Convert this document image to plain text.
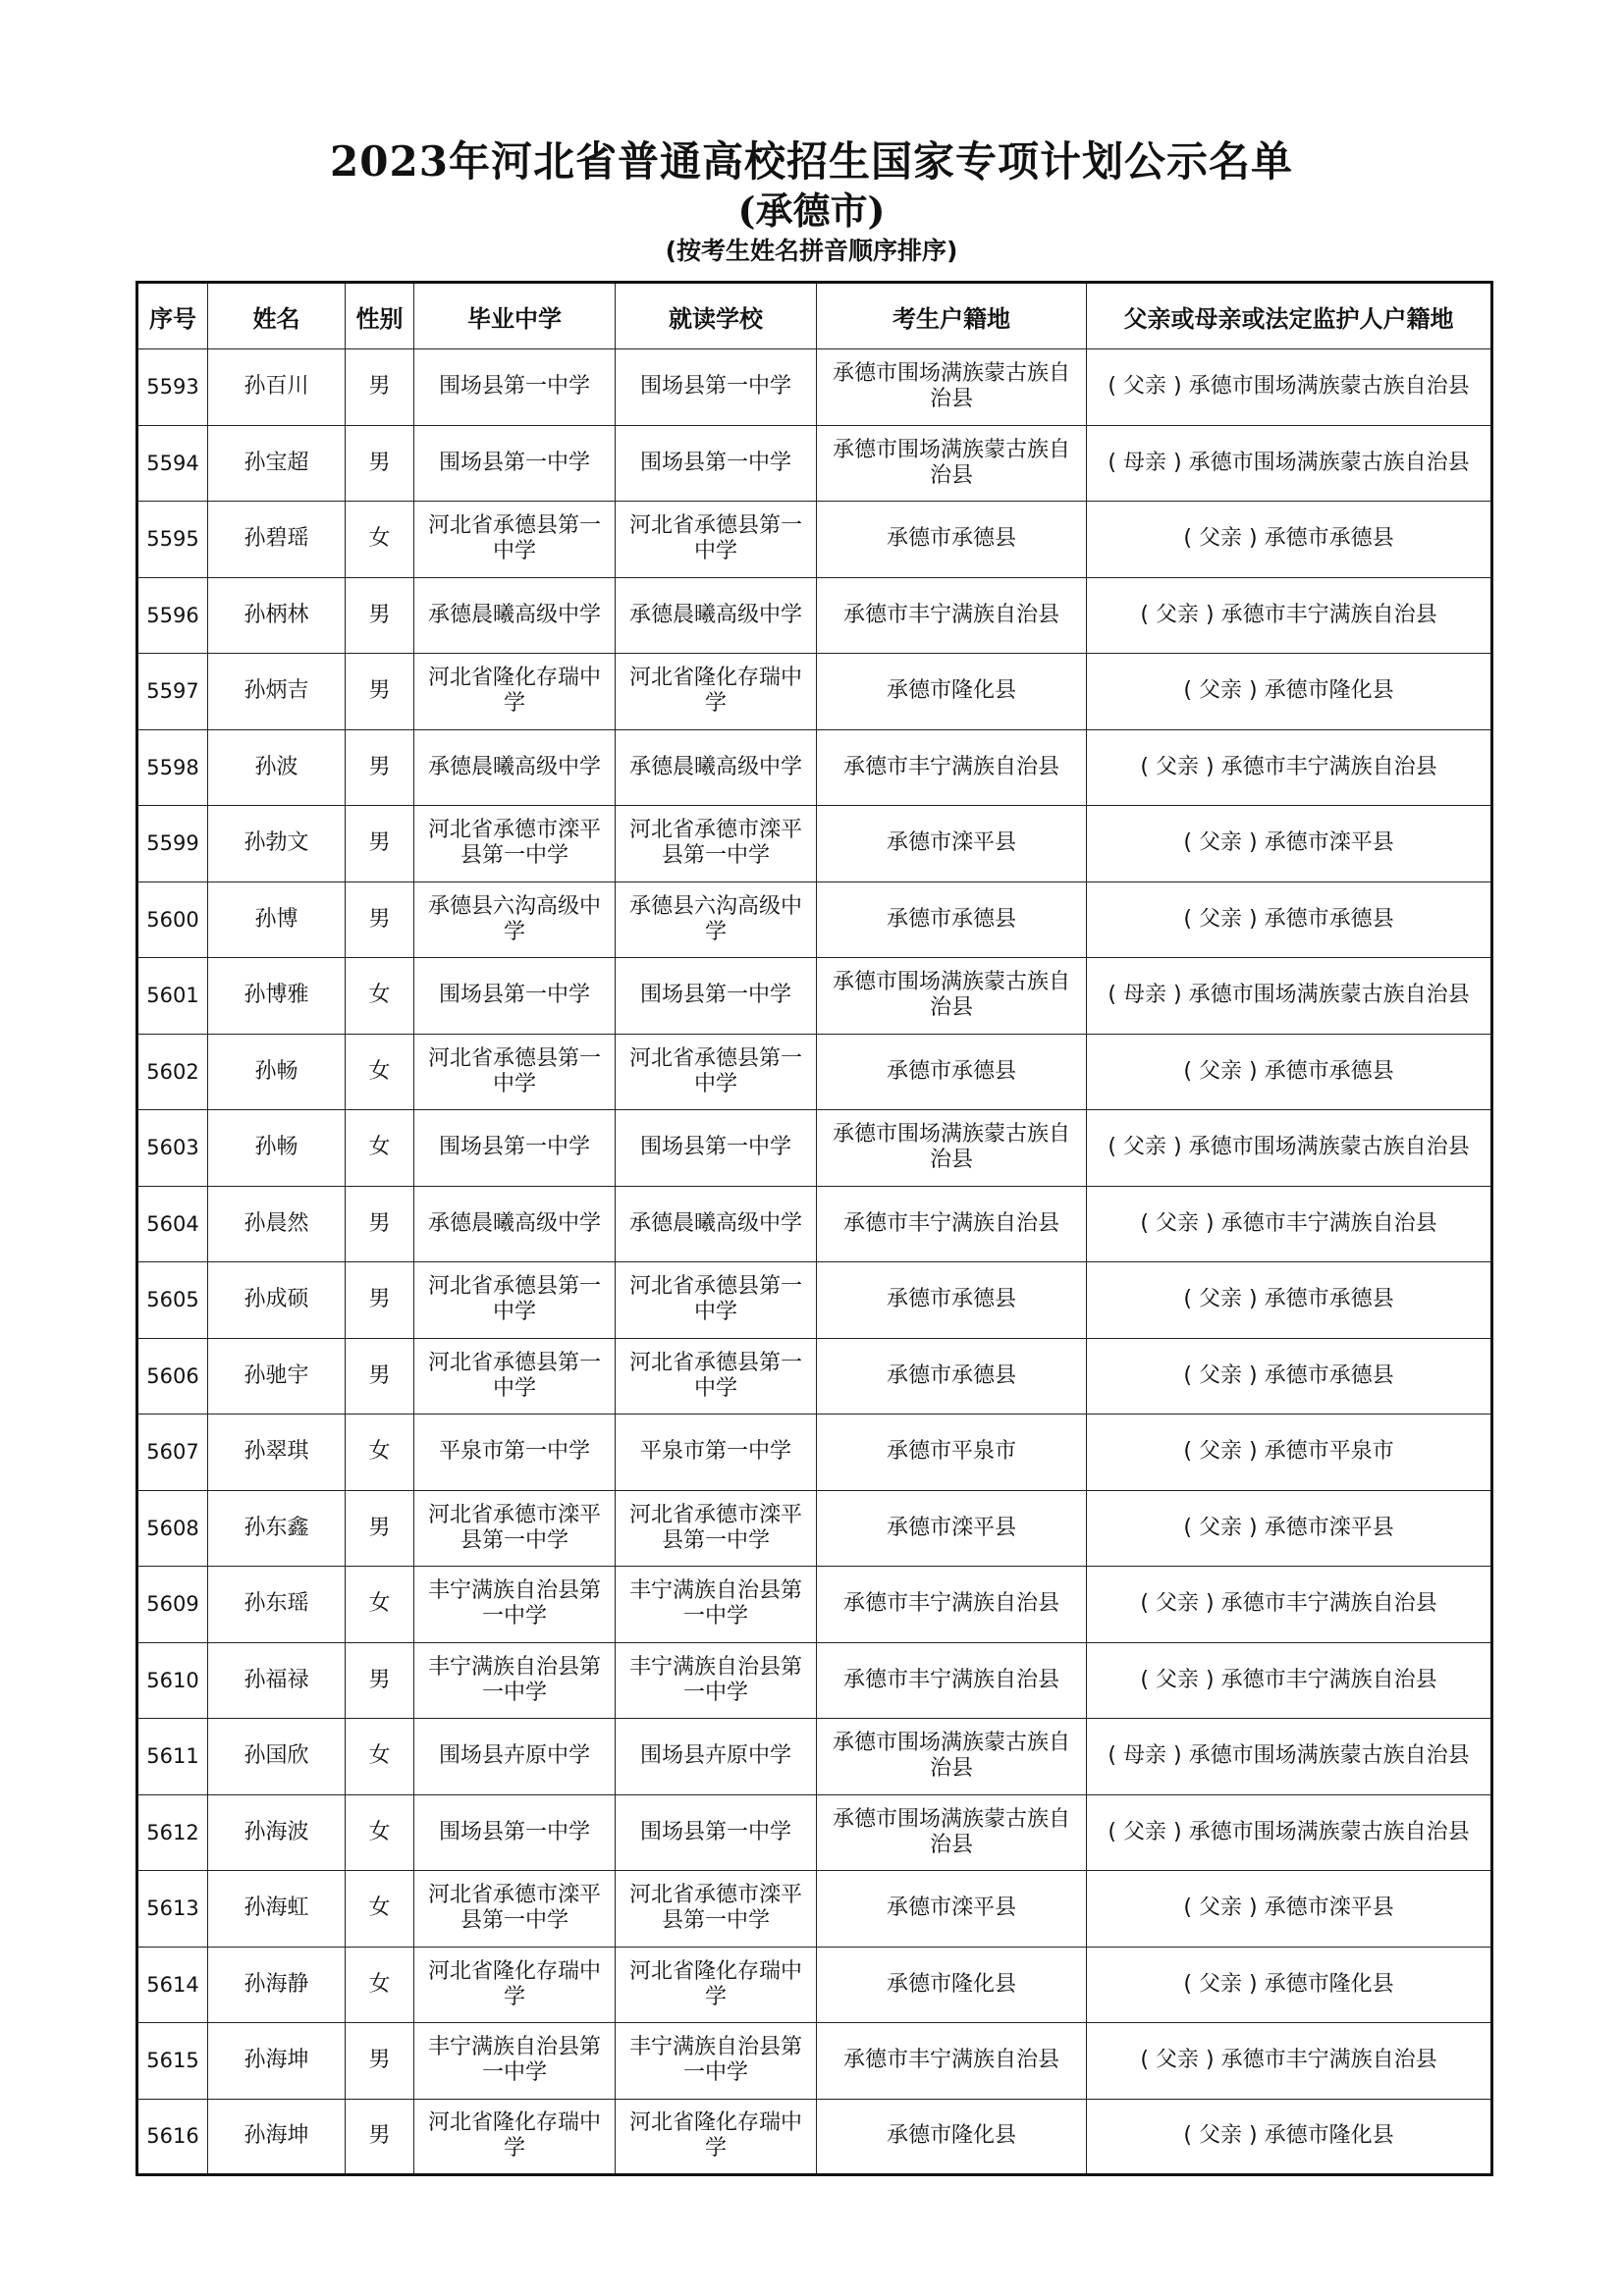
2023年河北省普通高校招生国家专项计划公示名单
(承德市)
(按考生姓名拼音顺序排序)
序号	姓名	性别	毕业中学	就读学校	考生户籍地	父亲或母亲或法定监护人户籍地
5593	孙百川	男	围场县第一中学	围场县第一中学	承德市围场满族蒙古族自治县	( 父亲 ) 承德市围场满族蒙古族自治县
5594	孙宝超	男	围场县第一中学	围场县第一中学	承德市围场满族蒙古族自治县	( 母亲 ) 承德市围场满族蒙古族自治县
5595	孙碧瑶	女	河北省承德县第一中学	河北省承德县第一中学	承德市承德县	( 父亲 ) 承德市承德县
5596	孙柄林	男	承德晨曦高级中学	承德晨曦高级中学	承德市丰宁满族自治县	( 父亲 ) 承德市丰宁满族自治县
5597	孙炳吉	男	河北省隆化存瑞中学	河北省隆化存瑞中学	承德市隆化县	( 父亲 ) 承德市隆化县
5598	孙波	男	承德晨曦高级中学	承德晨曦高级中学	承德市丰宁满族自治县	( 父亲 ) 承德市丰宁满族自治县
5599	孙勃文	男	河北省承德市滦平县第一中学	河北省承德市滦平县第一中学	承德市滦平县	( 父亲 ) 承德市滦平县
5600	孙博	男	承德县六沟高级中学	承德县六沟高级中学	承德市承德县	( 父亲 ) 承德市承德县
5601	孙博雅	女	围场县第一中学	围场县第一中学	承德市围场满族蒙古族自治县	( 母亲 ) 承德市围场满族蒙古族自治县
5602	孙畅	女	河北省承德县第一中学	河北省承德县第一中学	承德市承德县	( 父亲 ) 承德市承德县
5603	孙畅	女	围场县第一中学	围场县第一中学	承德市围场满族蒙古族自治县	( 父亲 ) 承德市围场满族蒙古族自治县
5604	孙晨然	男	承德晨曦高级中学	承德晨曦高级中学	承德市丰宁满族自治县	( 父亲 ) 承德市丰宁满族自治县
5605	孙成硕	男	河北省承德县第一中学	河北省承德县第一中学	承德市承德县	( 父亲 ) 承德市承德县
5606	孙驰宇	男	河北省承德县第一中学	河北省承德县第一中学	承德市承德县	( 父亲 ) 承德市承德县
5607	孙翠琪	女	平泉市第一中学	平泉市第一中学	承德市平泉市	( 父亲 ) 承德市平泉市
5608	孙东鑫	男	河北省承德市滦平县第一中学	河北省承德市滦平县第一中学	承德市滦平县	( 父亲 ) 承德市滦平县
5609	孙东瑶	女	丰宁满族自治县第一中学	丰宁满族自治县第一中学	承德市丰宁满族自治县	( 父亲 ) 承德市丰宁满族自治县
5610	孙福禄	男	丰宁满族自治县第一中学	丰宁满族自治县第一中学	承德市丰宁满族自治县	( 父亲 ) 承德市丰宁满族自治县
5611	孙国欣	女	围场县卉原中学	围场县卉原中学	承德市围场满族蒙古族自治县	( 母亲 ) 承德市围场满族蒙古族自治县
5612	孙海波	女	围场县第一中学	围场县第一中学	承德市围场满族蒙古族自治县	( 父亲 ) 承德市围场满族蒙古族自治县
5613	孙海虹	女	河北省承德市滦平县第一中学	河北省承德市滦平县第一中学	承德市滦平县	( 父亲 ) 承德市滦平县
5614	孙海静	女	河北省隆化存瑞中学	河北省隆化存瑞中学	承德市隆化县	( 父亲 ) 承德市隆化县
5615	孙海坤	男	丰宁满族自治县第一中学	丰宁满族自治县第一中学	承德市丰宁满族自治县	( 父亲 ) 承德市丰宁满族自治县
5616	孙海坤	男	河北省隆化存瑞中学	河北省隆化存瑞中学	承德市隆化县	( 父亲 ) 承德市隆化县
